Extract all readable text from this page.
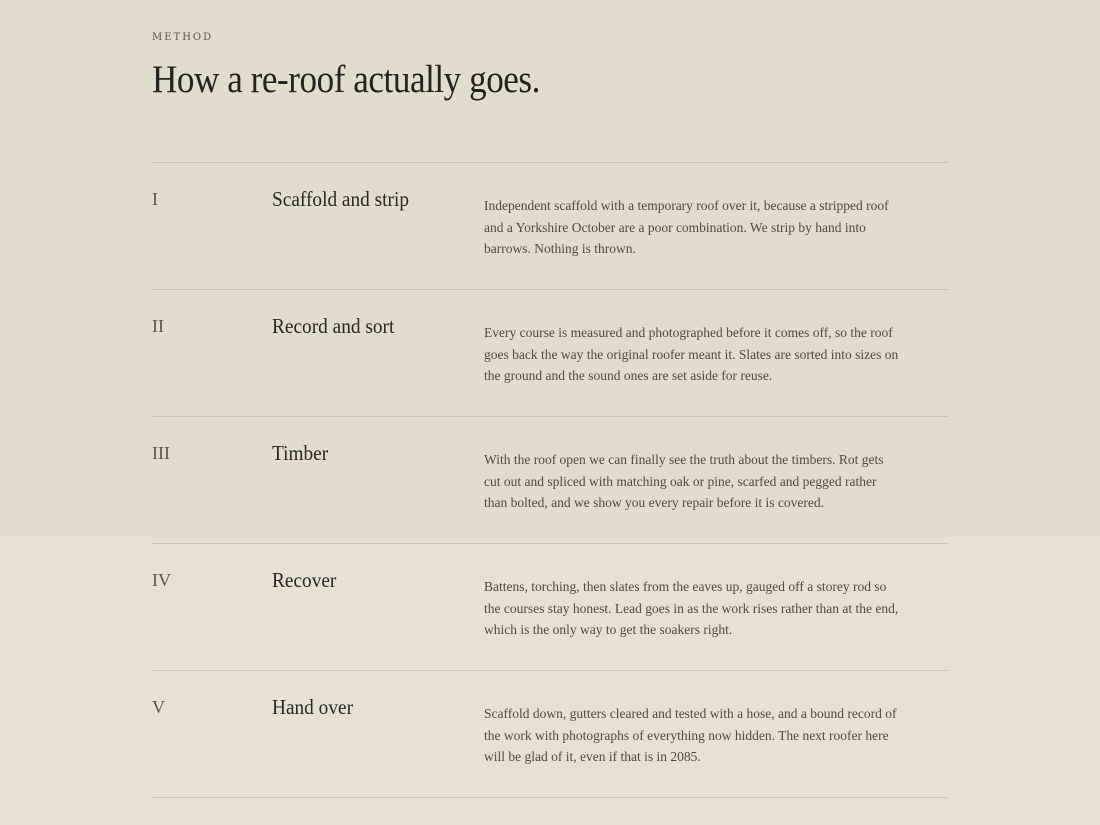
METHOD
How a re-roof actually goes.
I	Scaffold and strip	Independent scaffold with a temporary roof over it, because a stripped roof and a Yorkshire October are a poor combination. We strip by hand into barrows. Nothing is thrown.
II	Record and sort	Every course is measured and photographed before it comes off, so the roof goes back the way the original roofer meant it. Slates are sorted into sizes on the ground and the sound ones are set aside for reuse.
III	Timber	With the roof open we can finally see the truth about the timbers. Rot gets cut out and spliced with matching oak or pine, scarfed and pegged rather than bolted, and we show you every repair before it is covered.
IV	Recover	Battens, torching, then slates from the eaves up, gauged off a storey rod so the courses stay honest. Lead goes in as the work rises rather than at the end, which is the only way to get the soakers right.
V	Hand over	Scaffold down, gutters cleared and tested with a hose, and a bound record of the work with photographs of everything now hidden. The next roofer here will be glad of it, even if that is in 2085.
